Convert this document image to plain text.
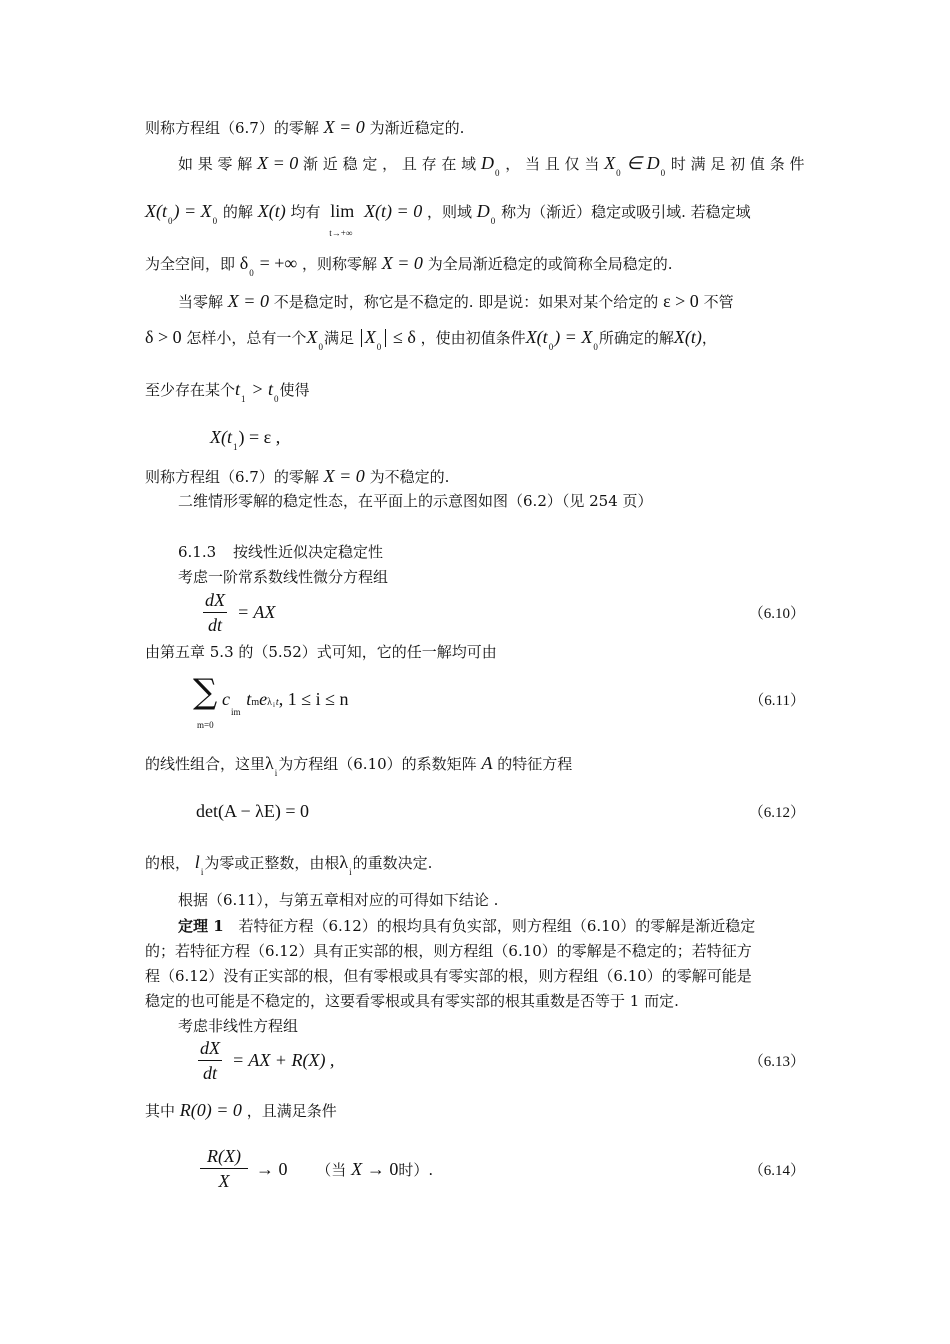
则称方程组（6.7）的零解 X = 0 为渐近稳定的.
如 果 零 解 X = 0 渐 近 稳 定 ， 且 存 在 域 $D_0$ ， 当 且 仅 当 $X_0$ ∈ $D_0$ 时 满 足 初 值 条 件
$X(t_0) = X_0$ 的解 X(t) 均有 lim
t→+∞
X(t) = 0 ，则域 $D_0$ 称为（渐近）稳定或吸引域. 若稳定域
为全空间，即 $\delta_0$ = +∞ ，则称零解 X = 0 为全局渐近稳定的或简称全局稳定的.
当零解 X = 0 不是稳定时，称它是不稳定的. 即是说：如果对某个给定的 ε > 0 不管
δ > 0 怎样小，总有一个$X_0$满足 $X_0 \le \delta$ ，使由初值条件$X(t_0) = X_0$所确定的解X(t)，
至少存在某个$t_1 > t_0$使得
$X(t_1) = \varepsilon$ ,
则称方程组（6.7）的零解 X = 0 为不稳定的.
二维情形零解的稳定性态，在平面上的示意图如图（6.2）（见 254 页）
6.1.3 按线性近似决定稳定性
考虑一阶常系数线性微分方程组
$\frac{dX}{dt}$ = AX	（6.10）
由第五章 5.3 的（5.52）式可知，它的任一解均可由
∑
m=0
$c_{im}$ tmeλit, 1 ≤ i ≤ n	（6.11）
的线性组合，这里$\lambda_i$为方程组（6.10）的系数矩阵 A 的特征方程
det(A − λE) = 0	（6.12）
的根， $l_i$为零或正整数，由根$\lambda_i$的重数决定.
根据（6.11），与第五章相对应的可得如下结论 .
定理 1 若特征方程（6.12）的根均具有负实部，则方程组（6.10）的零解是渐近稳定
的；若特征方程（6.12）具有正实部的根，则方程组（6.10）的零解是不稳定的；若特征方
程（6.12）没有正实部的根，但有零根或具有零实部的根，则方程组（6.10）的零解可能是
稳定的也可能是不稳定的，这要看零根或具有零实部的根其重数是否等于 1 而定.
考虑非线性方程组
$\frac{dX}{dt}$ = AX + R(X) ,	（6.13）
其中 R(0) = 0 ，且满足条件
$\frac{R(X)}{X} \to 0$ （当 X → 0时）.	（6.14）
